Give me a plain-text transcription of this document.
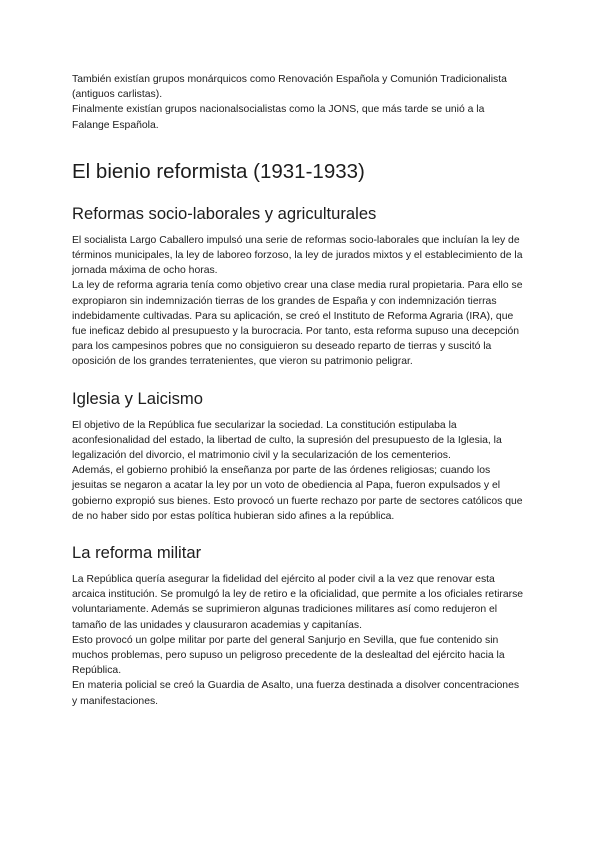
También existían grupos monárquicos como Renovación Española y Comunión Tradicionalista (antiguos carlistas).

Finalmente existían grupos nacionalsocialistas como la JONS, que más tarde se unió a la Falange Española.

El bienio reformista (1931-1933)
Reformas socio-laborales y agriculturales

El socialista Largo Caballero impulsó una serie de reformas socio-laborales que incluían la ley de términos municipales, la ley de laboreo forzoso, la ley de jurados mixtos y el establecimiento de la jornada máxima de ocho horas.

La ley de reforma agraria tenía como objetivo crear una clase media rural propietaria. Para ello se expropiaron sin indemnización tierras de los grandes de España y con indemnización tierras indebidamente cultivadas. Para su aplicación, se creó el Instituto de Reforma Agraria (IRA), que fue ineficaz debido al presupuesto y la burocracia. Por tanto, esta reforma supuso una decepción para los campesinos pobres que no consiguieron su deseado reparto de tierras y suscitó la oposición de los grandes terratenientes, que vieron su patrimonio peligrar.

Iglesia y Laicismo

El objetivo de la República fue secularizar la sociedad. La constitución estipulaba la aconfesionalidad del estado, la libertad de culto, la supresión del presupuesto de la Iglesia, la legalización del divorcio, el matrimonio civil y la secularización de los cementerios.

Además, el gobierno prohibió la enseñanza por parte de las órdenes religiosas; cuando los jesuitas se negaron a acatar la ley por un voto de obediencia al Papa, fueron expulsados y el gobierno expropió sus bienes. Esto provocó un fuerte rechazo por parte de sectores católicos que de no haber sido por estas política hubieran sido afines a la república.

La reforma militar

La República quería asegurar la fidelidad del ejército al poder civil a la vez que renovar esta arcaica institución. Se promulgó la ley de retiro e la oficialidad, que permite a los oficiales retirarse voluntariamente. Además se suprimieron algunas tradiciones militares así como redujeron el tamaño de las unidades y clausuraron academias y capitanías.

Esto provocó un golpe militar por parte del general Sanjurjo en Sevilla, que fue contenido sin muchos problemas, pero supuso un peligroso precedente de la deslealtad del ejército hacia la República.

En materia policial se creó la Guardia de Asalto, una fuerza destinada a disolver concentraciones y manifestaciones.
